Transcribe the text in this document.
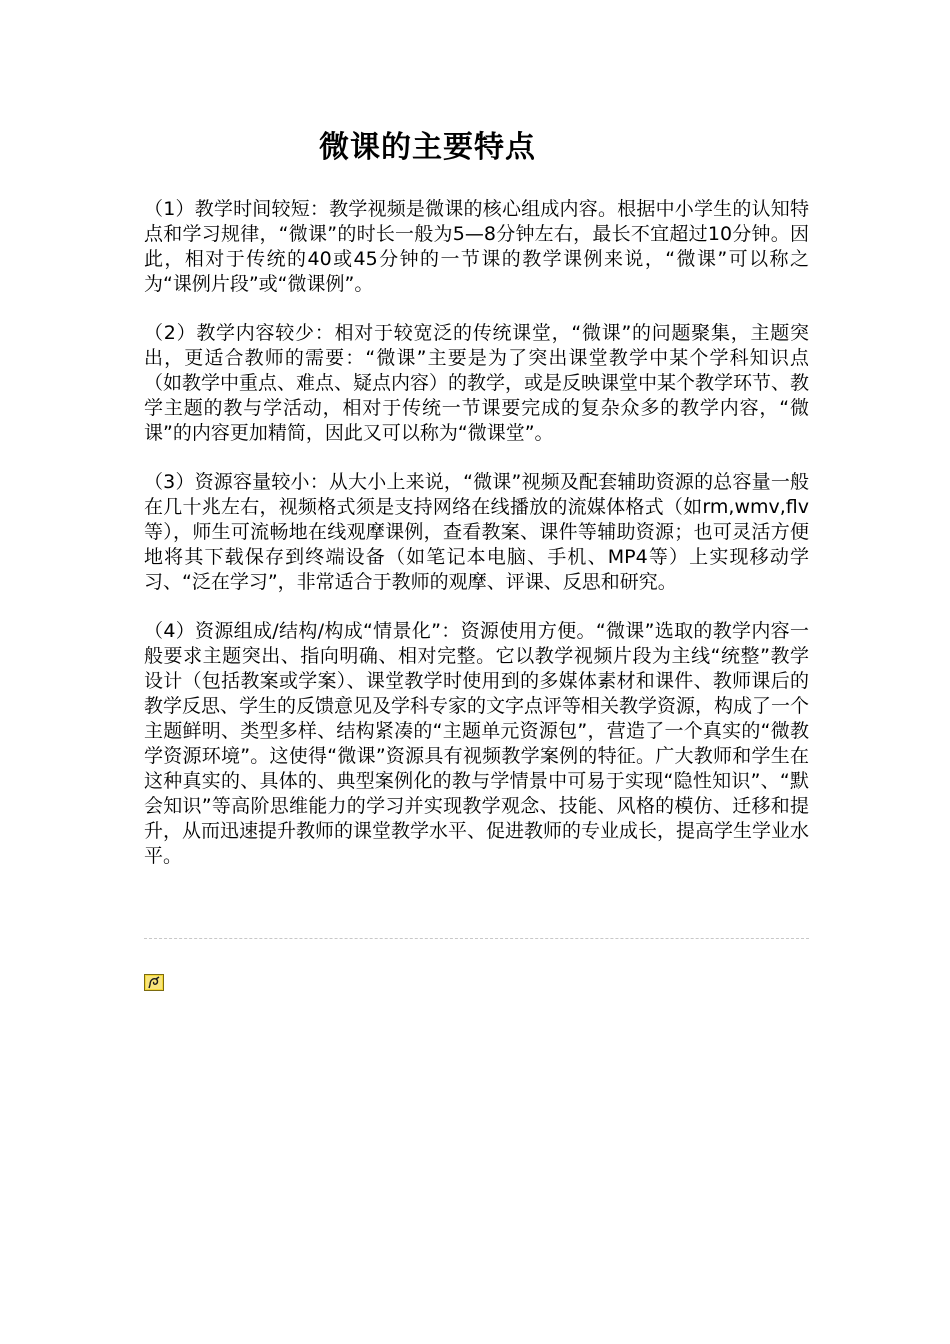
微课的主要特点

（1）教学时间较短：教学视频是微课的核心组成内容。根据中小学生的认知特点和学习规律，“微课”的时长一般为5—8分钟左右，最长不宜超过10分钟。因此，相对于传统的40或45分钟的一节课的教学课例来说，“微课”可以称之为“课例片段”或“微课例”。

（2）教学内容较少：相对于较宽泛的传统课堂，“微课”的问题聚集，主题突出，更适合教师的需要：“微课”主要是为了突出课堂教学中某个学科知识点（如教学中重点、难点、疑点内容）的教学，或是反映课堂中某个教学环节、教学主题的教与学活动，相对于传统一节课要完成的复杂众多的教学内容，“微课”的内容更加精简，因此又可以称为“微课堂”。

（3）资源容量较小：从大小上来说，“微课”视频及配套辅助资源的总容量一般在几十兆左右，视频格式须是支持网络在线播放的流媒体格式（如rm,wmv,flv等），师生可流畅地在线观摩课例，查看教案、课件等辅助资源；也可灵活方便地将其下载保存到终端设备（如笔记本电脑、手机、MP4等）上实现移动学习、“泛在学习”，非常适合于教师的观摩、评课、反思和研究。

（4）资源组成/结构/构成“情景化”：资源使用方便。“微课”选取的教学内容一般要求主题突出、指向明确、相对完整。它以教学视频片段为主线“统整”教学设计（包括教案或学案）、课堂教学时使用到的多媒体素材和课件、教师课后的教学反思、学生的反馈意见及学科专家的文字点评等相关教学资源，构成了一个主题鲜明、类型多样、结构紧凑的“主题单元资源包”，营造了一个真实的“微教学资源环境”。这使得“微课”资源具有视频教学案例的特征。广大教师和学生在这种真实的、具体的、典型案例化的教与学情景中可易于实现“隐性知识”、“默会知识”等高阶思维能力的学习并实现教学观念、技能、风格的模仿、迁移和提升，从而迅速提升教师的课堂教学水平、促进教师的专业成长，提高学生学业水平。
